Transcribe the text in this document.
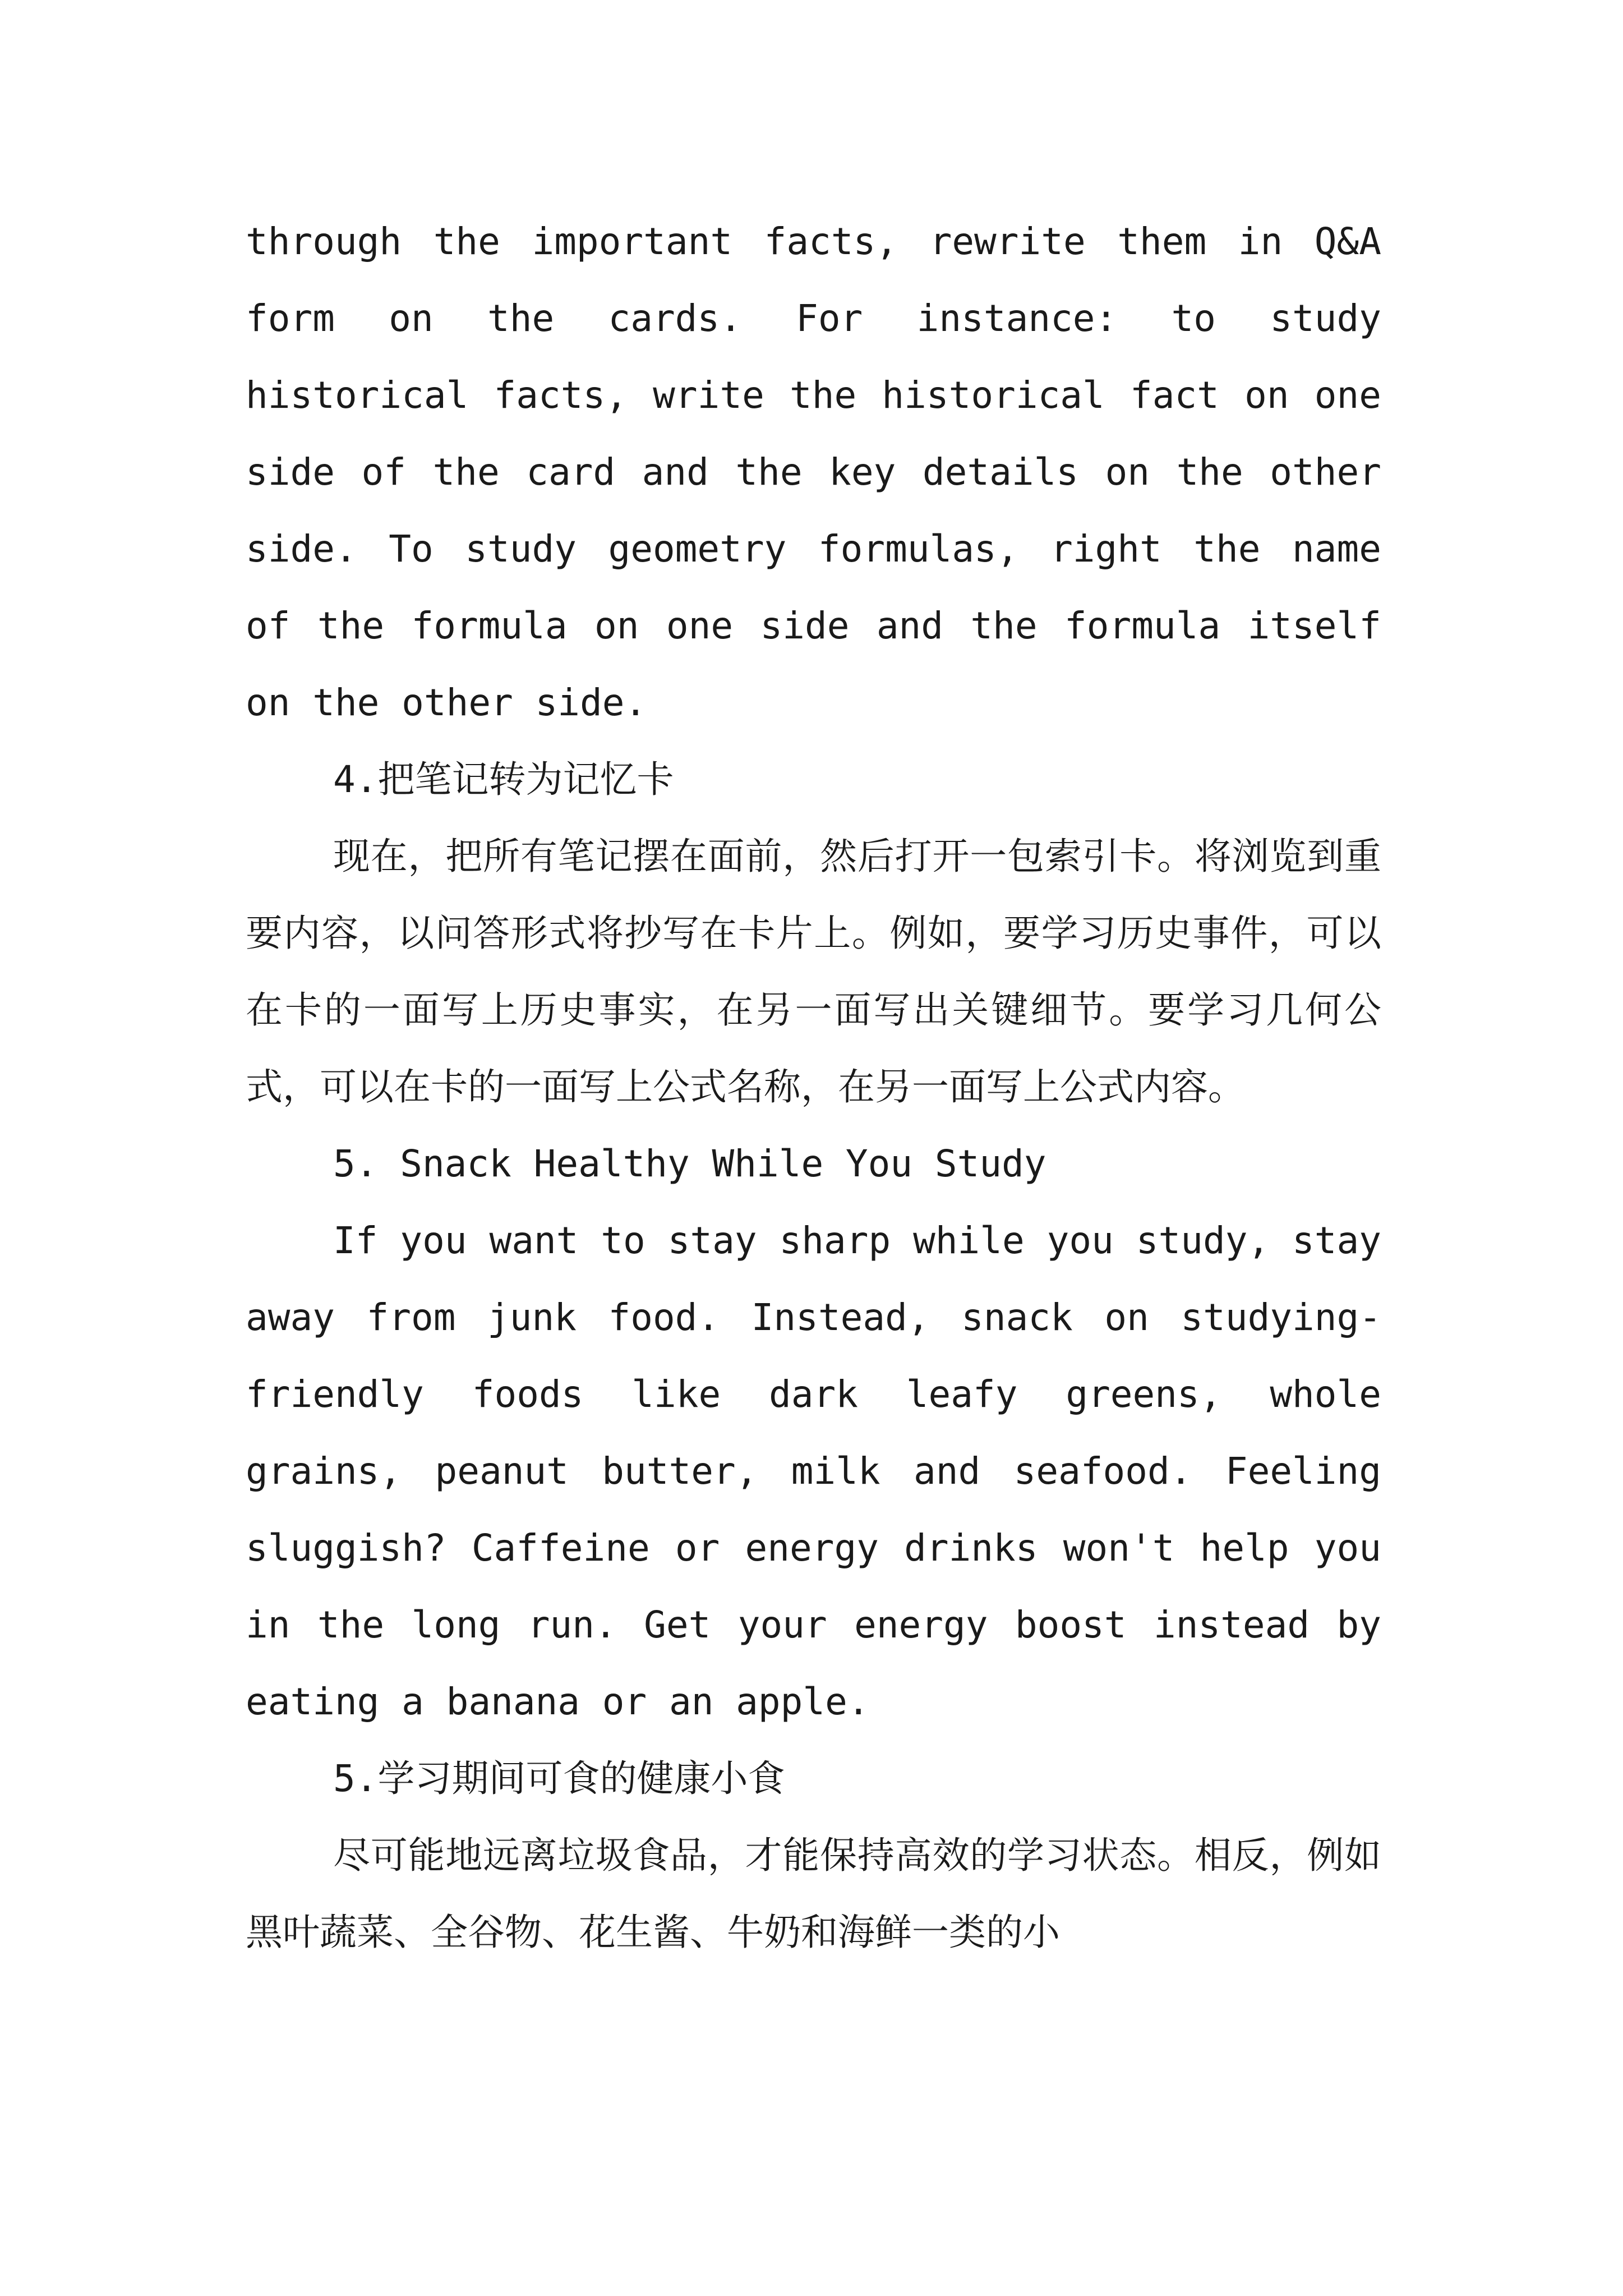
through the important facts, rewrite them in Q&A form on the cards. For instance: to study historical facts, write the historical fact on one side of the card and the key details on the other side. To study geometry formulas, right the name of the formula on one side and the formula itself on the other side.

4.把笔记转为记忆卡

现在，把所有笔记摆在面前，然后打开一包索引卡。将浏览到重要内容，以问答形式将抄写在卡片上。例如，要学习历史事件，可以在卡的一面写上历史事实，在另一面写出关键细节。要学习几何公式，可以在卡的一面写上公式名称，在另一面写上公式内容。

5. Snack Healthy While You Study

If you want to stay sharp while you study, stay away from junk food. Instead, snack on studying-friendly foods like dark leafy greens, whole grains, peanut butter, milk and seafood. Feeling sluggish? Caffeine or energy drinks won't help you in the long run. Get your energy boost instead by eating a banana or an apple.

5.学习期间可食的健康小食

尽可能地远离垃圾食品，才能保持高效的学习状态。相反，例如黑叶蔬菜、全谷物、花生酱、牛奶和海鲜一类的小
